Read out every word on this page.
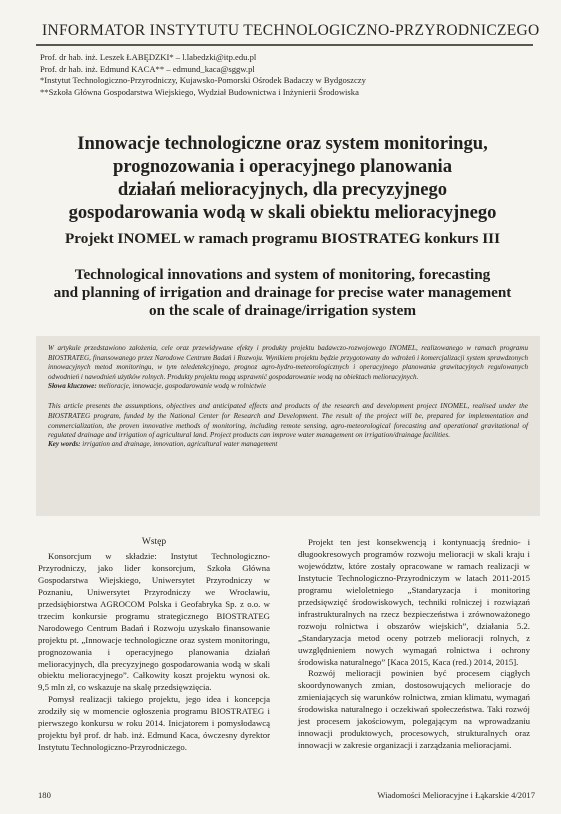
INFORMATOR INSTYTUTU TECHNOLOGICZNO-PRZYRODNICZEGO
Prof. dr hab. inż. Leszek ŁABĘDZKI* – l.labedzki@itp.edu.pl
Prof. dr hab. inż. Edmund KACA** – edmund_kaca@sggw.pl
*Instytut Technologiczno-Przyrodniczy, Kujawsko-Pomorski Ośrodek Badaczy w Bydgoszczy
**Szkoła Główna Gospodarstwa Wiejskiego, Wydział Budownictwa i Inżynierii Środowiska
Innowacje technologiczne oraz system monitoringu,
prognozowania i operacyjnego planowania
działań melioracyjnych, dla precyzyjnego
gospodarowania wodą w skali obiektu melioracyjnego
Projekt INOMEL w ramach programu BIOSTRATEG konkurs III
Technological innovations and system of monitoring, forecasting
and planning of irrigation and drainage for precise water management
on the scale of drainage/irrigation system

W artykule przedstawiono założenia, cele oraz przewidywane efekty i produkty projektu badawczo-rozwojowego INOMEL, realizowanego w ramach programu BIOSTRATEG, finansowanego przez Narodowe Centrum Badań i Rozwoju. Wynikiem projektu będzie przygotowany do wdrożeń i komercjalizacji system sprawdzonych innowacyjnych metod monitoringu, w tym teledetekcyjnego, prognoz agro-hydro-meteorologicznych i operacyjnego planowania grawitacyjnych regulowanych odwodnień i nawodnień użytków rolnych. Produkty projektu mogą usprawnić gospodarowanie wodą na obiektach melioracyjnych.

Słowa kluczowe: melioracje, innowacje, gospodarowanie wodą w rolnictwie

This article presents the assumptions, objectives and anticipated effects and products of the research and development project INOMEL, realised under the BIOSTRATEG program, funded by the National Center for Research and Development. The result of the project will be, prepared for implementation and commercialization, the proven innovative methods of monitoring, including remote sensing, agro-meteorological forecasting and operational gravitational of regulated drainage and irrigation of agricultural land. Project products can improve water management on irrigation/drainage facilities.

Key words: irrigation and drainage, innovation, agricultural water management

Wstęp

Konsorcjum w składzie: Instytut Technologiczno-Przyrodniczy, jako lider konsorcjum, Szkoła Główna Gospodarstwa Wiejskiego, Uniwersytet Przyrodniczy w Poznaniu, Uniwersytet Przyrodniczy we Wrocławiu, przedsiębiorstwa AGROCOM Polska i Geofabryka Sp. z o.o. w trzecim konkursie programu strategicznego BIOSTRATEG Narodowego Centrum Badań i Rozwoju uzyskało finansowanie projektu pt. „Innowacje technologiczne oraz system monitoringu, prognozowania i operacyjnego planowania działań melioracyjnych, dla precyzyjnego gospodarowania wodą w skali obiektu melioracyjnego”. Całkowity koszt projektu wynosi ok. 9,5 mln zł, co wskazuje na skalę przedsięwzięcia.

Pomysł realizacji takiego projektu, jego idea i koncepcja zrodziły się w momencie ogłoszenia programu BIOSTRATEG i pierwszego konkursu w roku 2014. Inicjatorem i pomysłodawcą projektu był prof. dr hab. inż. Edmund Kaca, ówczesny dyrektor Instytutu Technologiczno-Przyrodniczego.

Projekt ten jest konsekwencją i kontynuacją średnio- i długookresowych programów rozwoju melioracji w skali kraju i województw, które zostały opracowane w ramach realizacji w Instytucie Technologiczno-Przyrodniczym w latach 2011-2015 programu wieloletniego „Standaryzacja i monitoring przedsięwzięć środowiskowych, techniki rolniczej i rozwiązań infrastrukturalnych na rzecz bezpieczeństwa i zrównoważonego rozwoju rolnictwa i obszarów wiejskich”, działania 5.2. „Standaryzacja metod oceny potrzeb melioracji rolnych, z uwzględnieniem nowych wymagań rolnictwa i ochrony środowiska naturalnego” [Kaca 2015, Kaca (red.) 2014, 2015].

Rozwój melioracji powinien być procesem ciągłych skoordynowanych zmian, dostosowujących melioracje do zmieniających się warunków rolnictwa, zmian klimatu, wymagań środowiska naturalnego i oczekiwań społeczeństwa. Taki rozwój jest procesem jakościowym, polegającym na wprowadzaniu innowacji produktowych, procesowych, strukturalnych oraz innowacji w zakresie organizacji i zarządzania melioracjami.

180	Wiadomości Melioracyjne i Łąkarskie 4/2017
